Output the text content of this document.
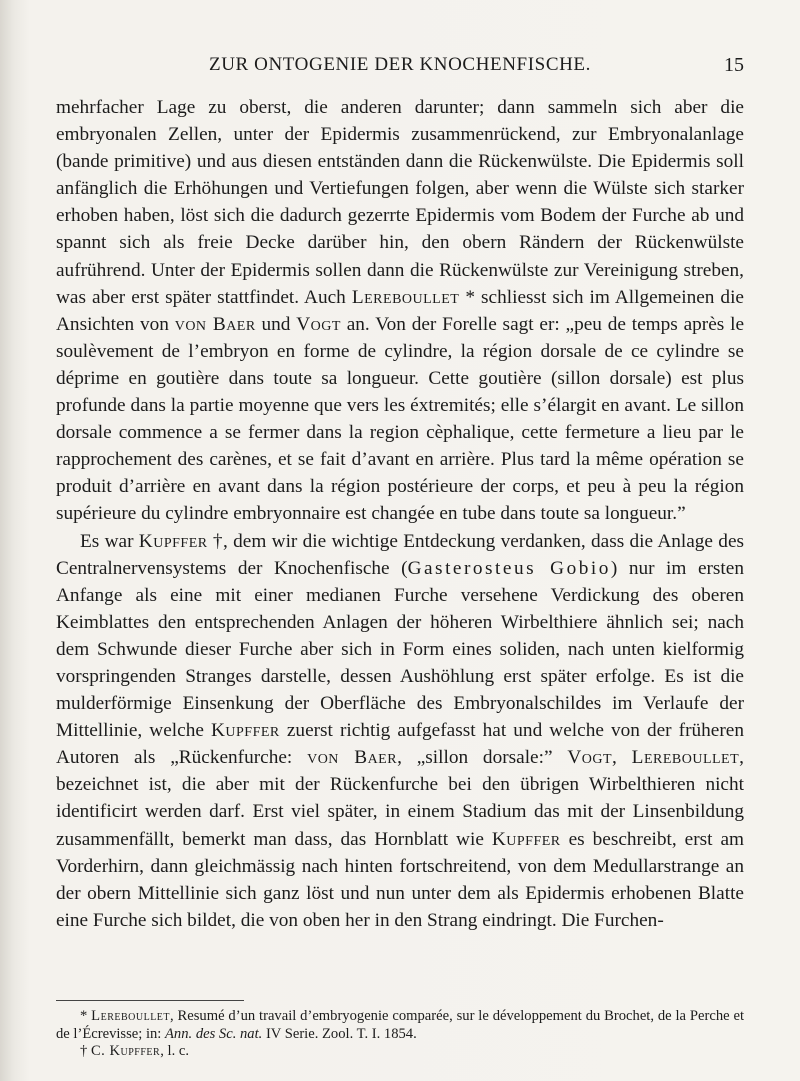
ZUR ONTOGENIE DER KNOCHENFISCHE.	15

mehrfacher Lage zu oberst, die anderen darunter; dann sammeln sich aber die embryonalen Zellen, unter der Epidermis zusammenrückend, zur Embryonalanlage (bande primitive) und aus diesen entständen dann die Rückenwülste. Die Epidermis soll anfänglich die Erhöhungen und Vertiefungen folgen, aber wenn die Wülste sich starker erhoben haben, löst sich die dadurch gezerrte Epidermis vom Bodem der Furche ab und spannt sich als freie Decke darüber hin, den obern Rändern der Rückenwülste aufrührend. Unter der Epidermis sollen dann die Rückenwülste zur Vereinigung streben, was aber erst später stattfindet. Auch Lereboullet * schliesst sich im Allgemeinen die Ansichten von von Baer und Vogt an. Von der Forelle sagt er: „peu de temps après le soulèvement de l’embryon en forme de cylindre, la région dorsale de ce cylindre se déprime en goutière dans toute sa longueur. Cette goutière (sillon dorsale) est plus profunde dans la partie moyenne que vers les éxtremités; elle s’élargit en avant. Le sillon dorsale commence a se fermer dans la region cèphalique, cette fermeture a lieu par le rapprochement des carènes, et se fait d’avant en arrière. Plus tard la même opération se produit d’arrière en avant dans la région postérieure der corps, et peu à peu la région supérieure du cylindre embryonnaire est changée en tube dans toute sa longueur.”

Es war Kupffer †, dem wir die wichtige Entdeckung verdanken, dass die Anlage des Centralnervensystems der Knochenfische (Gasterosteus Gobio) nur im ersten Anfange als eine mit einer medianen Furche versehene Verdickung des oberen Keimblattes den entsprechenden Anlagen der höheren Wirbelthiere ähnlich sei; nach dem Schwunde dieser Furche aber sich in Form eines soliden, nach unten kielformig vorspringenden Stranges darstelle, dessen Aushöhlung erst später erfolge. Es ist die mulderförmige Einsenkung der Oberfläche des Embryonalschildes im Verlaufe der Mittellinie, welche Kupffer zuerst richtig aufgefasst hat und welche von der früheren Autoren als „Rückenfurche: von Baer, „sillon dorsale:” Vogt, Lereboullet, bezeichnet ist, die aber mit der Rückenfurche bei den übrigen Wirbelthieren nicht identificirt werden darf. Erst viel später, in einem Stadium das mit der Linsenbildung zusammenfällt, bemerkt man dass, das Hornblatt wie Kupffer es beschreibt, erst am Vorderhirn, dann gleichmässig nach hinten fortschreitend, von dem Medullarstrange an der obern Mittellinie sich ganz löst und nun unter dem als Epidermis erhobenen Blatte eine Furche sich bildet, die von oben her in den Strang eindringt. Die Furchen-

* Lereboullet, Resumé d’un travail d’embryogenie comparée, sur le développement du Brochet, de la Perche et de l’Écrevisse; in: Ann. des Sc. nat. IV Serie. Zool. T. I. 1854.

† C. Kupffer, l. c.
